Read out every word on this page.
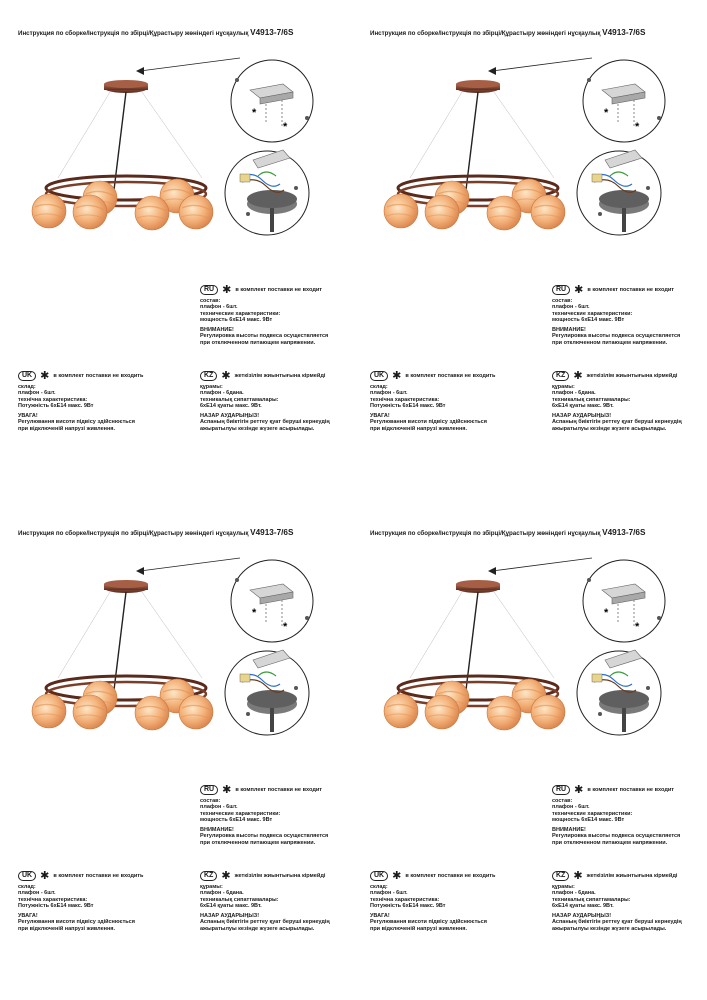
Инструкция по сборке/Інструкція по збірці/Құрастыру жөніндегі нұсқаулық V4913-7/6S
RU ✱ в комплект поставки не входит
состав:
плафон - 6шт.
технические характеристики:
мощность 6хЕ14 макс. 9Вт
ВНИМАНИЕ!
Регулировка высоты подвеса осуществляется
при отключенном питающем напряжении.
UK ✱ в комплект поставки не входить
склад:
плафон - 6шт.
технічна характеристика:
Потужність 6хЕ14 макс. 9Вт
УВАГА!
Регулювання висоти підвісу здійснюється
при відключеній напрузі живлення.
KZ ✱ жеткізілім жиынтығына кірмейді
құрамы:
плафон - 6дана.
техникалық сипаттамалары:
6хЕ14 қуаты макс. 9Вт.
НАЗАР АУДАРЫҢЫЗ!
Аспаның биіктігін реттеу қуат беруші кернеудің
ажыратылуы кезінде жүзеге асырылады.
Инструкция по сборке/Інструкція по збірці/Құрастыру жөніндегі нұсқаулық V4913-7/6S
RU ✱ в комплект поставки не входит
состав:
плафон - 6шт.
технические характеристики:
мощность 6хЕ14 макс. 9Вт
ВНИМАНИЕ!
Регулировка высоты подвеса осуществляется
при отключенном питающем напряжении.
UK ✱ в комплект поставки не входить
склад:
плафон - 6шт.
технічна характеристика:
Потужність 6хЕ14 макс. 9Вт
УВАГА!
Регулювання висоти підвісу здійснюється
при відключеній напрузі живлення.
KZ ✱ жеткізілім жиынтығына кірмейді
құрамы:
плафон - 6дана.
техникалық сипаттамалары:
6хЕ14 қуаты макс. 9Вт.
НАЗАР АУДАРЫҢЫЗ!
Аспаның биіктігін реттеу қуат беруші кернеудің
ажыратылуы кезінде жүзеге асырылады.
Инструкция по сборке/Інструкція по збірці/Құрастыру жөніндегі нұсқаулық V4913-7/6S
RU ✱ в комплект поставки не входит
состав:
плафон - 6шт.
технические характеристики:
мощность 6хЕ14 макс. 9Вт
ВНИМАНИЕ!
Регулировка высоты подвеса осуществляется
при отключенном питающем напряжении.
UK ✱ в комплект поставки не входить
склад:
плафон - 6шт.
технічна характеристика:
Потужність 6хЕ14 макс. 9Вт
УВАГА!
Регулювання висоти підвісу здійснюється
при відключеній напрузі живлення.
KZ ✱ жеткізілім жиынтығына кірмейді
құрамы:
плафон - 6дана.
техникалық сипаттамалары:
6хЕ14 қуаты макс. 9Вт.
НАЗАР АУДАРЫҢЫЗ!
Аспаның биіктігін реттеу қуат беруші кернеудің
ажыратылуы кезінде жүзеге асырылады.
Инструкция по сборке/Інструкція по збірці/Құрастыру жөніндегі нұсқаулық V4913-7/6S
RU ✱ в комплект поставки не входит
состав:
плафон - 6шт.
технические характеристики:
мощность 6хЕ14 макс. 9Вт
ВНИМАНИЕ!
Регулировка высоты подвеса осуществляется
при отключенном питающем напряжении.
UK ✱ в комплект поставки не входить
склад:
плафон - 6шт.
технічна характеристика:
Потужність 6хЕ14 макс. 9Вт
УВАГА!
Регулювання висоти підвісу здійснюється
при відключеній напрузі живлення.
KZ ✱ жеткізілім жиынтығына кірмейді
құрамы:
плафон - 6дана.
техникалық сипаттамалары:
6хЕ14 қуаты макс. 9Вт.
НАЗАР АУДАРЫҢЫЗ!
Аспаның биіктігін реттеу қуат беруші кернеудің
ажыратылуы кезінде жүзеге асырылады.
